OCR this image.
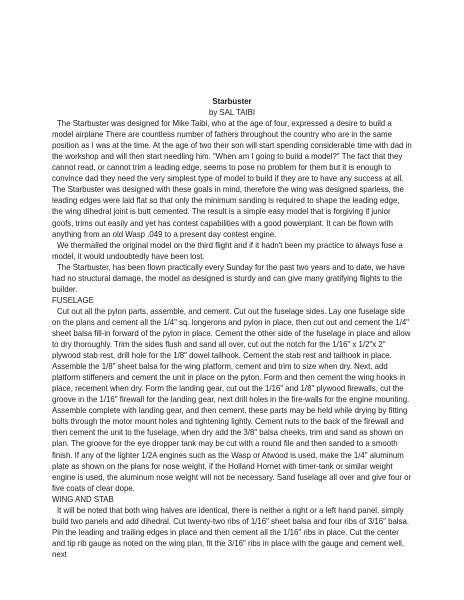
Starbuster

by SAL TAIBI

The Starbuster was designed for Mike Taibi, who at the age of four, expressed a desire to build a model airplane There are countless number of fathers throughout the country who are in the same position as I was at the time. At the age of two their son will start spending considerable time with dad in the workshop and will then start needling him. "When am I going to build a model?" The fact that they cannot read, or cannot trim a leading edge, seems to pose no problem for them but it is enough to convince dad they need the very simplest type of model to build if they are to have any success at all. The Starbuster was designed with these goals in mind, therefore the wing was designed sparless, the leading edges were laid flat so that only the minimum sanding is required to shape the leading edge, the wing dihedral joint is butt cemented. The result is a simple easy model that is forgiving if junior goofs, trims out easily and yet has contest capabilities with a good powerplant. It can be flown with anything from an old Wasp .049 to a present day contest engine.

We thermalled the original model on the third flight and if it hadn't been my practice to always fuse a model, it would undoubtedly have been lost.

The Starbuster, has been flown practically every Sunday for the past two years and to date, we have had no structural damage, the model as designed is sturdy and can give many gratifying flights to the builder.

FUSELAGE

Cut out all the pylon parts, assemble, and cement. Cut out the fuselage sides. Lay one fuselage side on the plans and cement all the 1/4" sq. longerons and pylon in place, then cut out and cement the 1/4" sheet balsa fill-in forward of the pylon in place. Cement the other side of the fuselage in place and allow to dry thoroughly. Trim the sides flush and sand all over, cut out the notch for the 1/16" x 1/2"x 2" plywood stab rest, drill hole for the 1/8" dowel tailhook. Cement the stab rest and tailhook in place. Assemble the 1/8" sheet balsa for the wing platform, cement and trim to size when dry. Next, add platform stiffeners and cement the unit in place on the pylon. Form and then cement the wing hooks in place, recement when dry. Form the landing gear, cut out the 1/16" and 1/8" plywood firewalls, cut the groove in the 1/16" firewall for the landing gear, next drill holes in the fire-walls for the engine mounting. Assemble complete with landing gear, and then cement, these parts may be held while drying by fitting bolts through the motor mount holes and tightening lightly. Cement nuts to the back of the firewall and then cement the unit to the fuselage, when dry add the 3/8" balsa cheeks, trim and sand as shown on plan. The groove for the eye dropper tank may be cut with a round file and then sanded to a smooth finish. If any of the lighter 1/2A engines such as the Wasp or Atwood is used, make the 1/4" aluminum plate as shown on the plans for nose weight, if the Holland Hornet with timer-tank or similar weight engine is used, the aluminum nose weight will not be necessary. Sand fuselage all over and give four or five coats of clear dope.

WING AND STAB

It will be noted that both wing halves are identical, there is neither a right or a left hand panel, simply build two panels and add dihedral. Cut twenty-two ribs of 1/16" sheet balsa and four ribs of 3/16" balsa. Pin the leading and trailing edges in place and then cement all the 1/16" ribs in place. Cut the center and tip rib gauge as noted on the wing plan, fit the 3/16" ribs in place with the gauge and cement well, next
